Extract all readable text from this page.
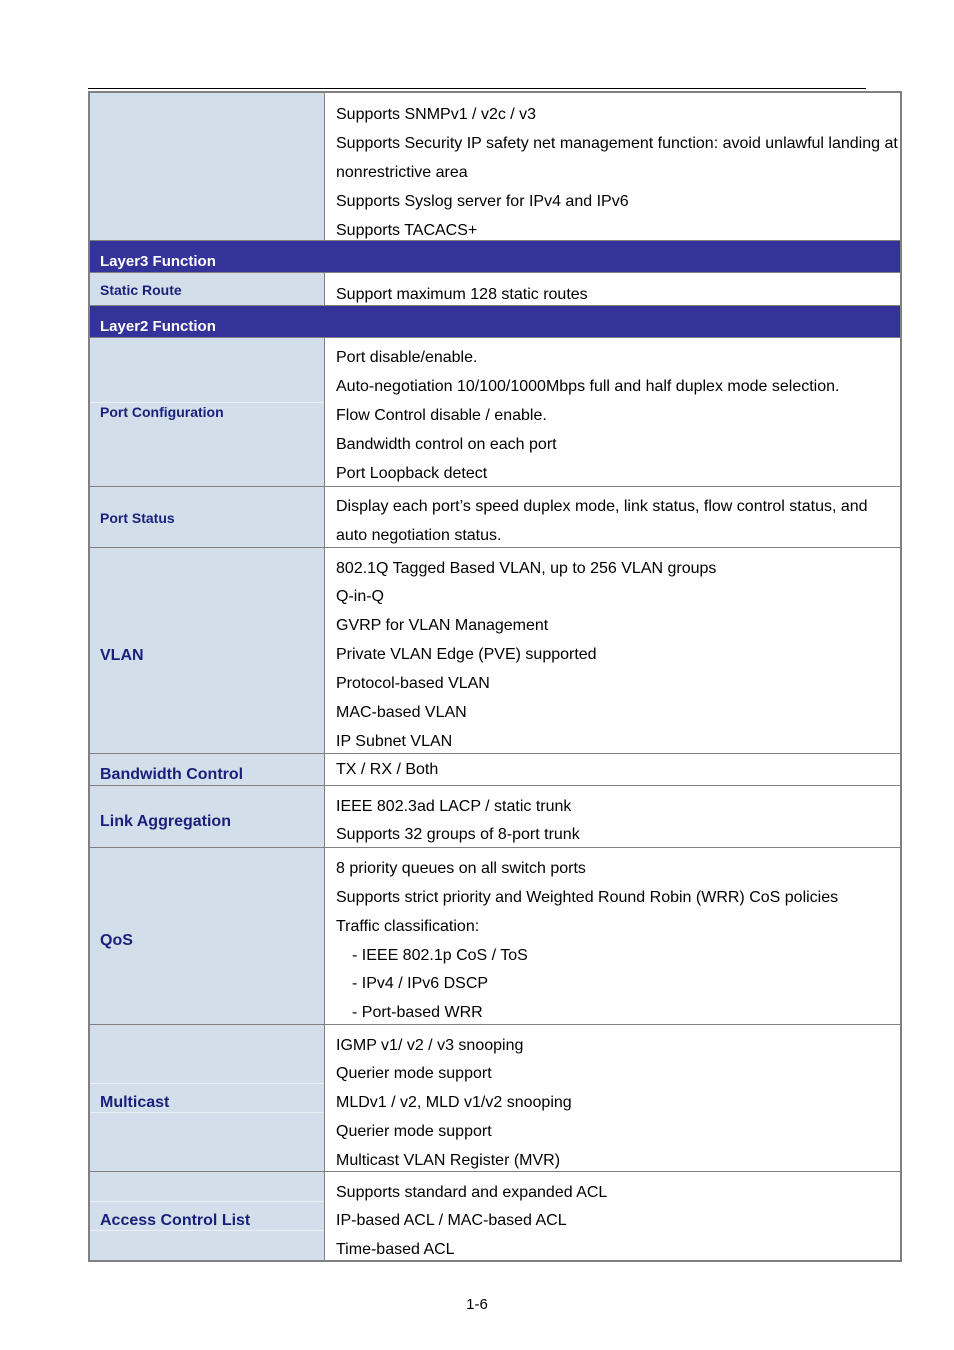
Supports SNMPv1 / v2c / v3
Supports Security IP safety net management function: avoid unlawful landing at
nonrestrictive area
Supports Syslog server for IPv4 and IPv6
Supports TACACS+
Layer3 Function
Static Route	Support maximum 128 static routes
Layer2 Function
Port Configuration
Port disable/enable.
Auto-negotiation 10/100/1000Mbps full and half duplex mode selection.
Flow Control disable / enable.
Bandwidth control on each port
Port Loopback detect
Port Status
Display each port’s speed duplex mode, link status, flow control status, and
auto negotiation status.
VLAN
802.1Q Tagged Based VLAN, up to 256 VLAN groups
Q-in-Q
GVRP for VLAN Management
Private VLAN Edge (PVE) supported
Protocol-based VLAN
MAC-based VLAN
IP Subnet VLAN
Bandwidth Control	TX / RX / Both
Link Aggregation
IEEE 802.3ad LACP / static trunk
Supports 32 groups of 8-port trunk
QoS
8 priority queues on all switch ports
Supports strict priority and Weighted Round Robin (WRR) CoS policies
Traffic classification:
- IEEE 802.1p CoS / ToS
- IPv4 / IPv6 DSCP
- Port-based WRR
Multicast
IGMP v1/ v2 / v3 snooping
Querier mode support
MLDv1 / v2, MLD v1/v2 snooping
Querier mode support
Multicast VLAN Register (MVR)
Access Control List
Supports standard and expanded ACL
IP-based ACL / MAC-based ACL
Time-based ACL
1-6
